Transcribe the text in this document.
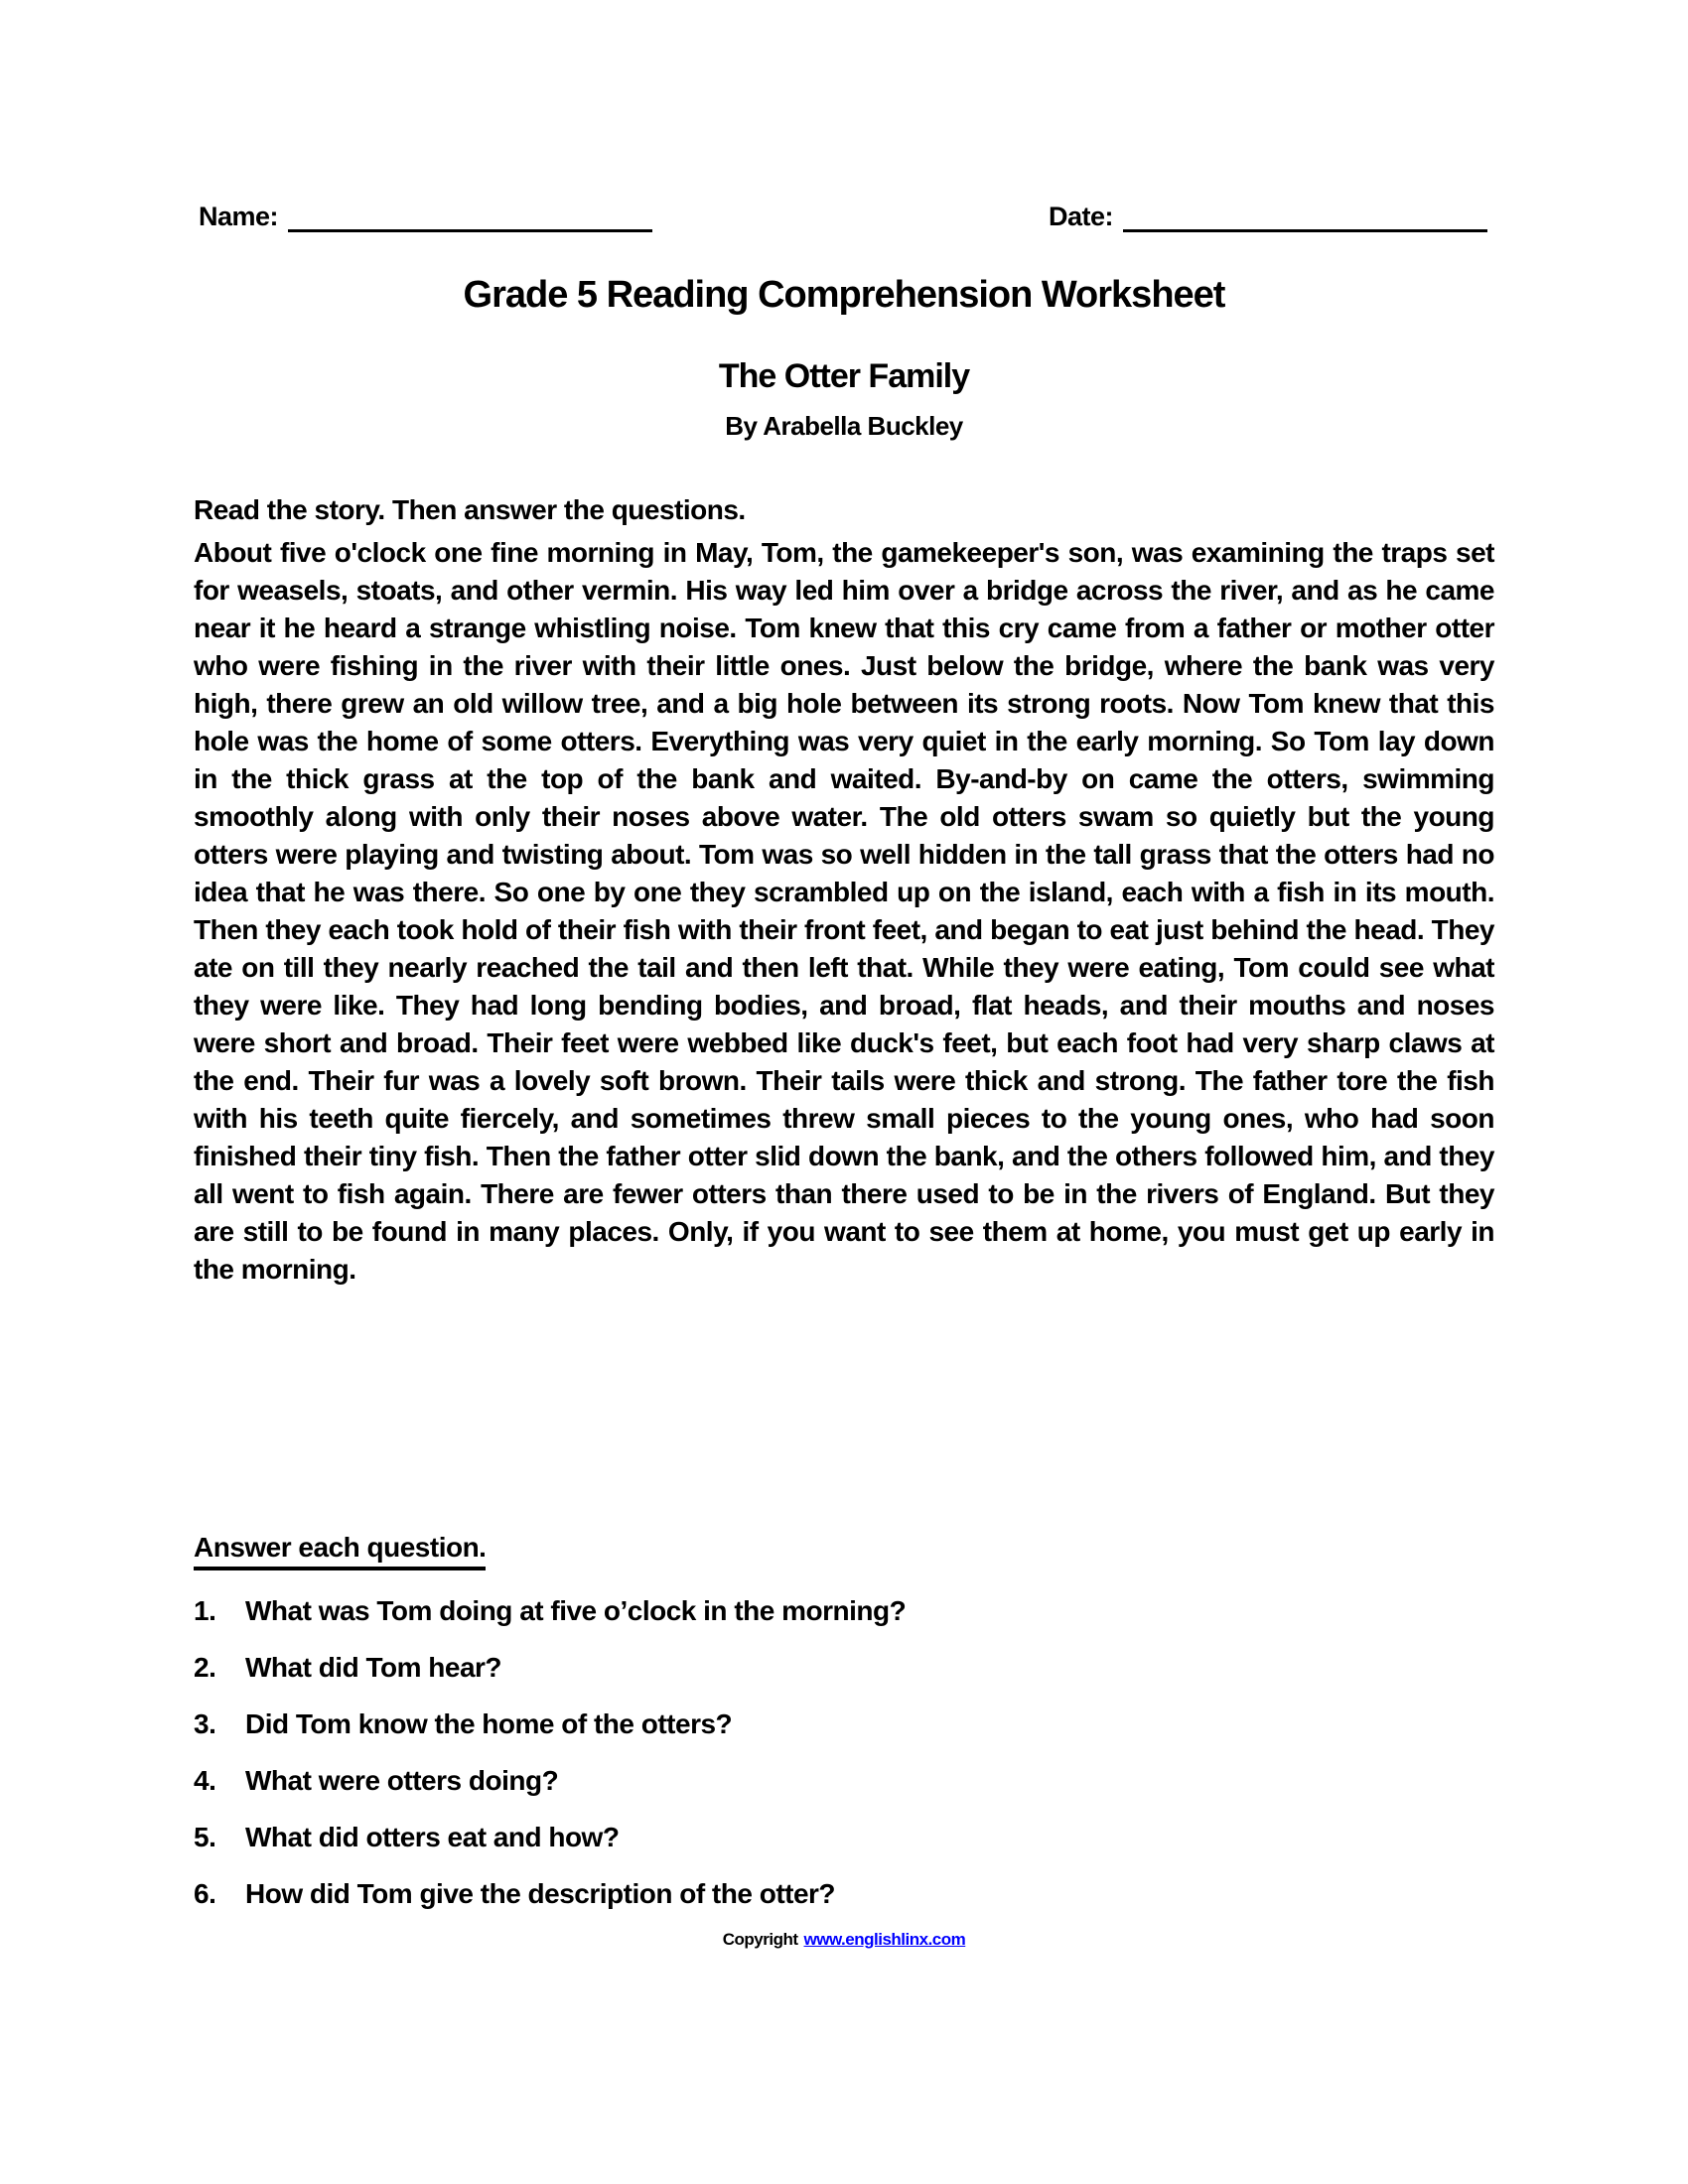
Name:	Date:
Grade 5 Reading Comprehension Worksheet
The Otter Family
By Arabella Buckley

Read the story. Then answer the questions.

About five o'clock one fine morning in May, Tom, the gamekeeper's son, was examining the traps set for weasels, stoats, and other vermin. His way led him over a bridge across the river, and as he came near it he heard a strange whistling noise. Tom knew that this cry came from a father or mother otter who were fishing in the river with their little ones. Just below the bridge, where the bank was very high, there grew an old willow tree, and a big hole between its strong roots. Now Tom knew that this hole was the home of some otters. Everything was very quiet in the early morning. So Tom lay down in the thick grass at the top of the bank and waited. By-and-by on came the otters, swimming smoothly along with only their noses above water. The old otters swam so quietly but the young otters were playing and twisting about. Tom was so well hidden in the tall grass that the otters had no idea that he was there. So one by one they scrambled up on the island, each with a fish in its mouth. Then they each took hold of their fish with their front feet, and began to eat just behind the head. They ate on till they nearly reached the tail and then left that. While they were eating, Tom could see what they were like. They had long bending bodies, and broad, flat heads, and their mouths and noses were short and broad. Their feet were webbed like duck's feet, but each foot had very sharp claws at the end. Their fur was a lovely soft brown. Their tails were thick and strong. The father tore the fish with his teeth quite fiercely, and sometimes threw small pieces to the young ones, who had soon finished their tiny fish. Then the father otter slid down the bank, and the others followed him, and they all went to fish again. There are fewer otters than there used to be in the rivers of England. But they are still to be found in many places. Only, if you want to see them at home, you must get up early in the morning.

Answer each question.
1.	What was Tom doing at five o’clock in the morning?
2.	What did Tom hear?
3.	Did Tom know the home of the otters?
4.	What were otters doing?
5.	What did otters eat and how?
6.	How did Tom give the description of the otter?
Copyright www.englishlinx.com
